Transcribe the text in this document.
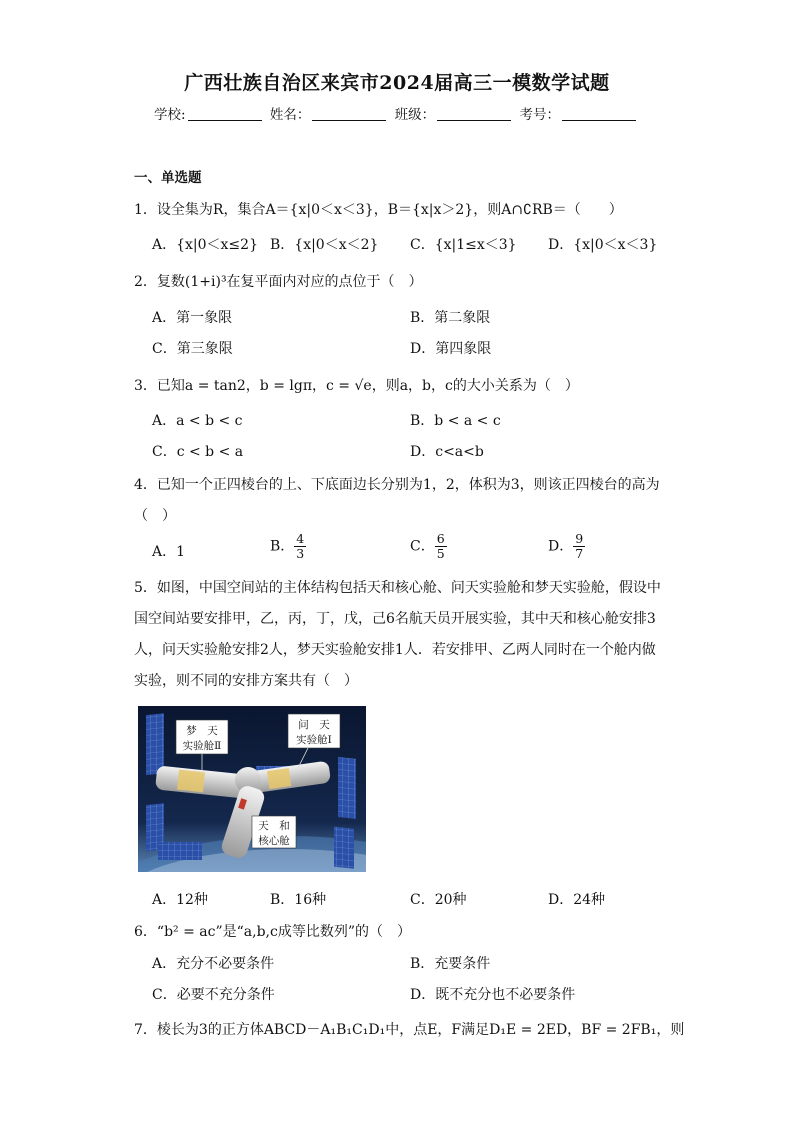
广西壮族自治区来宾市2024届高三一模数学试题
学校:	姓名：	班级：	考号：
一、单选题
1．设全集为R，集合A＝{x|0＜x＜3}，B＝{x|x＞2}，则A∩∁RB＝（　　）
A．{x|0＜x≤2} B．{x|0＜x＜2} C．{x|1≤x＜3} D．{x|0＜x＜3}
2．复数(1+i)³在复平面内对应的点位于（　）
A．第一象限	B．第二象限
C．第三象限	D．第四象限
3．已知a = tan2，b = lgπ，c = √e，则a，b，c的大小关系为（　）
A．a < b < c	B．b < a < c
C．c < b < a	D．c<a<b
4．已知一个正四棱台的上、下底面边长分别为1，2，体积为3，则该正四棱台的高为
（　）
A．1	B． $\frac{4}{3}$	C． $\frac{6}{5}$	D． $\frac{9}{7}$
5．如图，中国空间站的主体结构包括天和核心舱、问天实验舱和梦天实验舱，假设中
国空间站要安排甲，乙，丙，丁，戊，己6名航天员开展实验，其中天和核心舱安排3
人，问天实验舱安排2人，梦天实验舱安排1人．若安排甲、乙两人同时在一个舱内做
实验，则不同的安排方案共有（　）
梦　天
实验舱Ⅱ
问　天
实验舱Ⅰ
天　和
核心舱
A．12种	B．16种	C．20种	D．24种
6．“b² = ac”是“a,b,c成等比数列”的（　）
A．充分不必要条件	B．充要条件
C．必要不充分条件	D．既不充分也不必要条件
7．棱长为3的正方体ABCD－A₁B₁C₁D₁中，点E，F满足D₁E = 2ED，BF = 2FB₁，则
